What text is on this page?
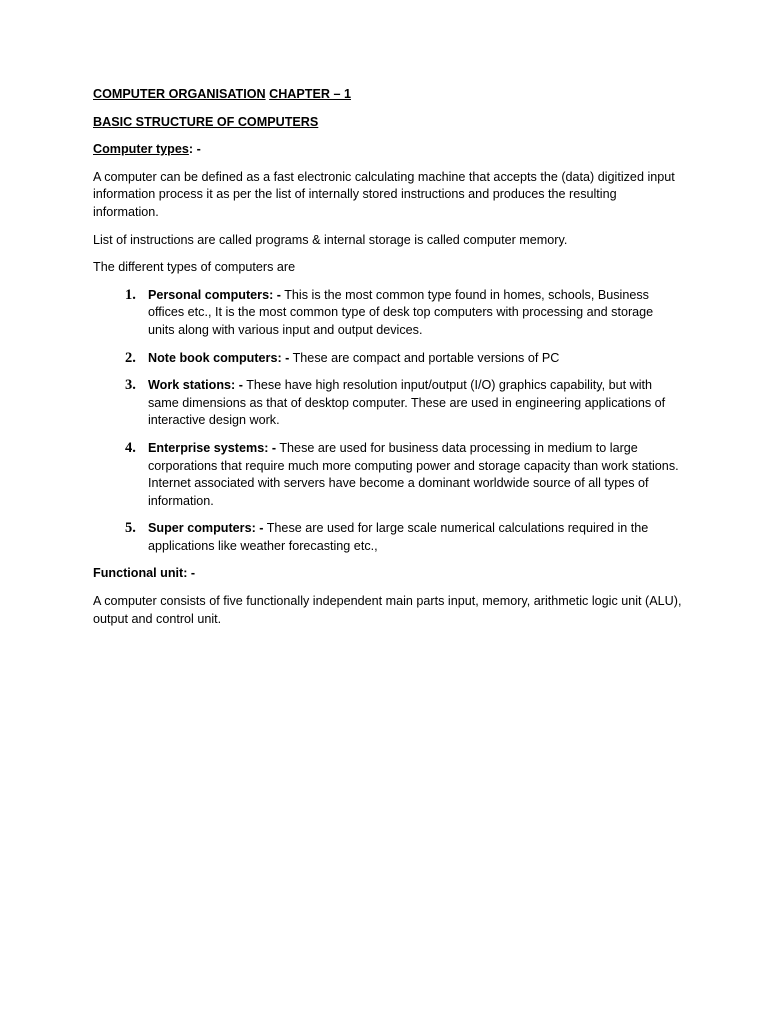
COMPUTER ORGANISATION CHAPTER – 1
BASIC STRUCTURE OF COMPUTERS
Computer types: -

A computer can be defined as a fast electronic calculating machine that accepts the (data) digitized input information process it as per the list of internally stored instructions and produces the resulting information.

List of instructions are called programs & internal storage is called computer memory.

The different types of computers are

1. Personal computers: - This is the most common type found in homes, schools, Business offices etc., It is the most common type of desk top computers with processing and storage units along with various input and output devices.
2. Note book computers: - These are compact and portable versions of PC
3. Work stations: - These have high resolution input/output (I/O) graphics capability, but with same dimensions as that of desktop computer. These are used in engineering applications of interactive design work.
4. Enterprise systems: - These are used for business data processing in medium to large corporations that require much more computing power and storage capacity than work stations. Internet associated with servers have become a dominant worldwide source of all types of information.
5. Super computers: - These are used for large scale numerical calculations required in the applications like weather forecasting etc.,
Functional unit: -

A computer consists of five functionally independent main parts input, memory, arithmetic logic unit (ALU), output and control unit.
